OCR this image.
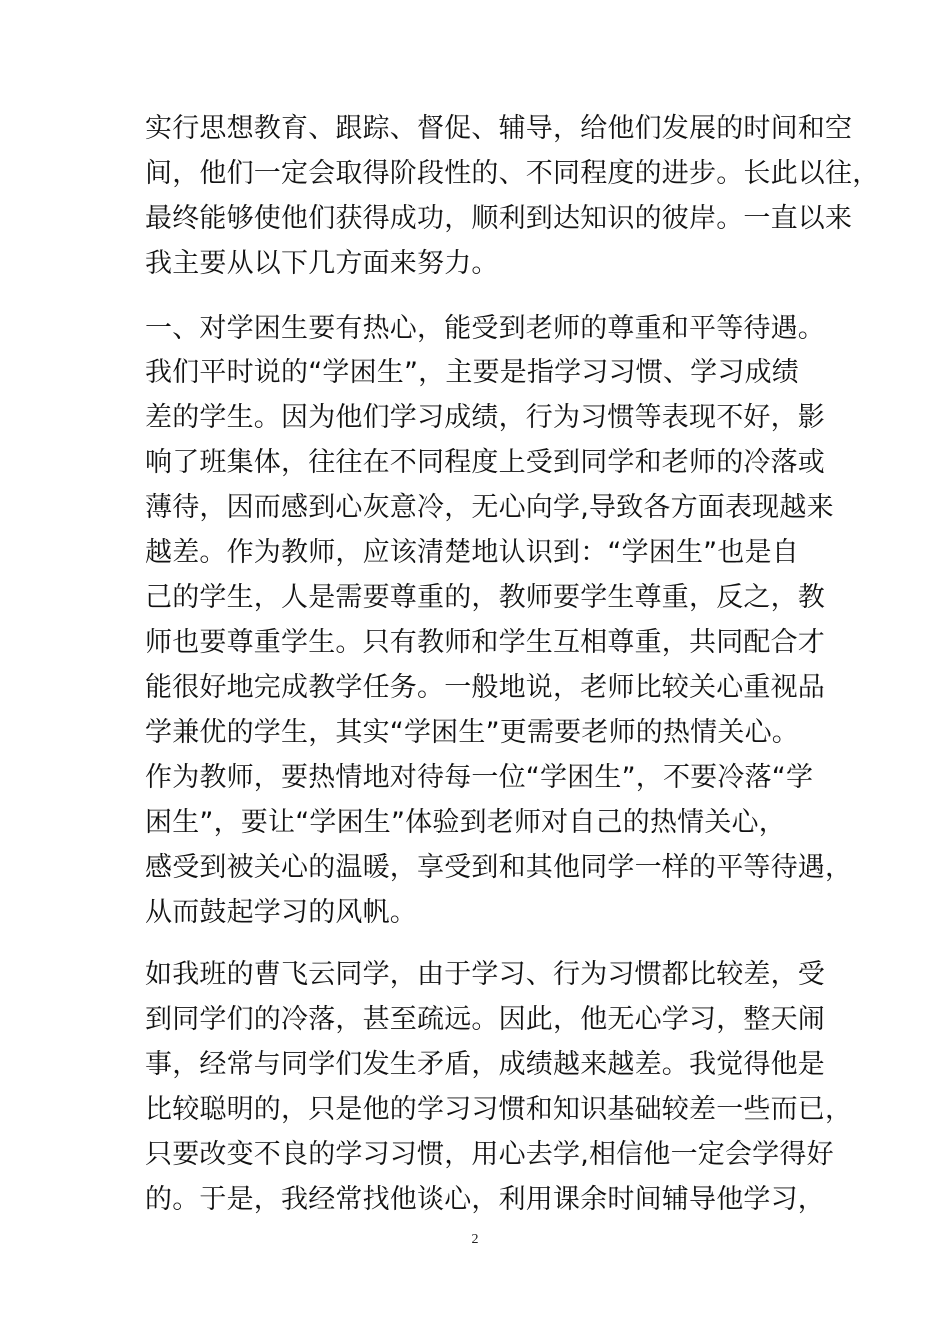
实行思想教育、跟踪、督促、辅导，给他们发展的时间和空
间，他们一定会取得阶段性的、不同程度的进步。长此以往，
最终能够使他们获得成功，顺利到达知识的彼岸。一直以来
我主要从以下几方面来努力。
一、对学困生要有热心，能受到老师的尊重和平等待遇。
我们平时说的“学困生”，主要是指学习习惯、学习成绩
差的学生。因为他们学习成绩，行为习惯等表现不好，影
响了班集体，往往在不同程度上受到同学和老师的冷落或
薄待，因而感到心灰意冷，无心向学,导致各方面表现越来
越差。作为教师，应该清楚地认识到：“学困生”也是自
己的学生，人是需要尊重的，教师要学生尊重，反之，教
师也要尊重学生。只有教师和学生互相尊重，共同配合才
能很好地完成教学任务。一般地说，老师比较关心重视品
学兼优的学生，其实“学困生”更需要老师的热情关心。
作为教师，要热情地对待每一位“学困生”，不要冷落“学
困生”，要让“学困生”体验到老师对自己的热情关心，
感受到被关心的温暖，享受到和其他同学一样的平等待遇，
从而鼓起学习的风帆。
如我班的曹飞云同学，由于学习、行为习惯都比较差，受
到同学们的冷落，甚至疏远。因此，他无心学习，整天闹
事，经常与同学们发生矛盾，成绩越来越差。我觉得他是
比较聪明的，只是他的学习习惯和知识基础较差一些而已，
只要改变不良的学习习惯，用心去学,相信他一定会学得好
的。于是，我经常找他谈心，利用课余时间辅导他学习，
2
